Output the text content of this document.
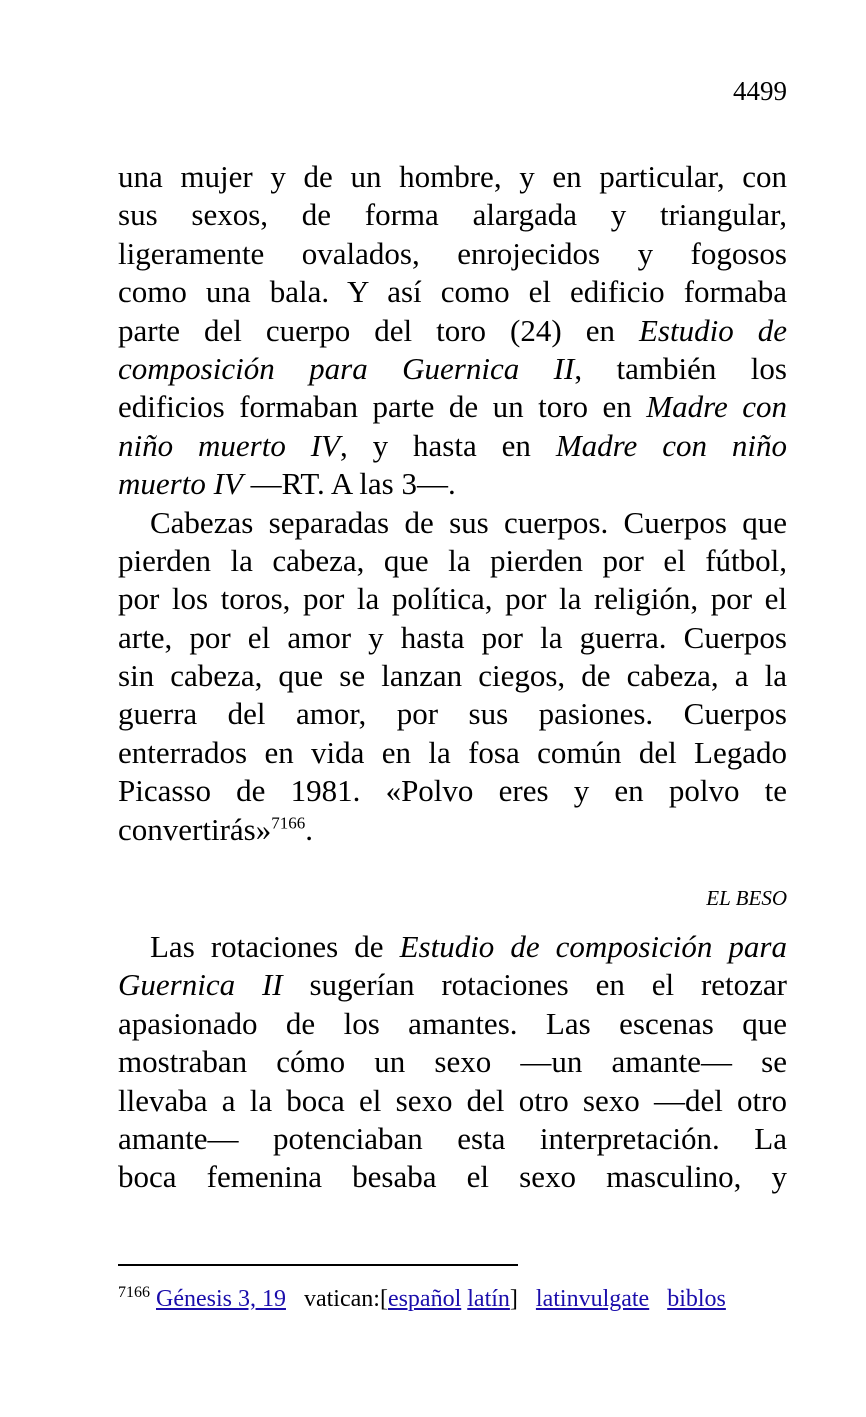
4499
una mujer y de un hombre, y en particular, con
sus sexos, de forma alargada y triangular,
ligeramente ovalados, enrojecidos y fogosos
como una bala. Y así como el edificio formaba
parte del cuerpo del toro (24) en Estudio de
composición para Guernica II, también los
edificios formaban parte de un toro en Madre con
niño muerto IV, y hasta en Madre con niño
muerto IV —RT. A las 3—.
Cabezas separadas de sus cuerpos. Cuerpos que
pierden la cabeza, que la pierden por el fútbol,
por los toros, por la política, por la religión, por el
arte, por el amor y hasta por la guerra. Cuerpos
sin cabeza, que se lanzan ciegos, de cabeza, a la
guerra del amor, por sus pasiones. Cuerpos
enterrados en vida en la fosa común del Legado
Picasso de 1981. «Polvo eres y en polvo te
convertirás»$^{7166}$.
EL BESO
Las rotaciones de Estudio de composición para
Guernica II sugerían rotaciones en el retozar
apasionado de los amantes. Las escenas que
mostraban cómo un sexo —un amante— se
llevaba a la boca el sexo del otro sexo —del otro
amante— potenciaban esta interpretación. La
boca femenina besaba el sexo masculino, y
$^{7166}$ Génesis 3, 19 vatican:[español latín] latinvulgate biblos
